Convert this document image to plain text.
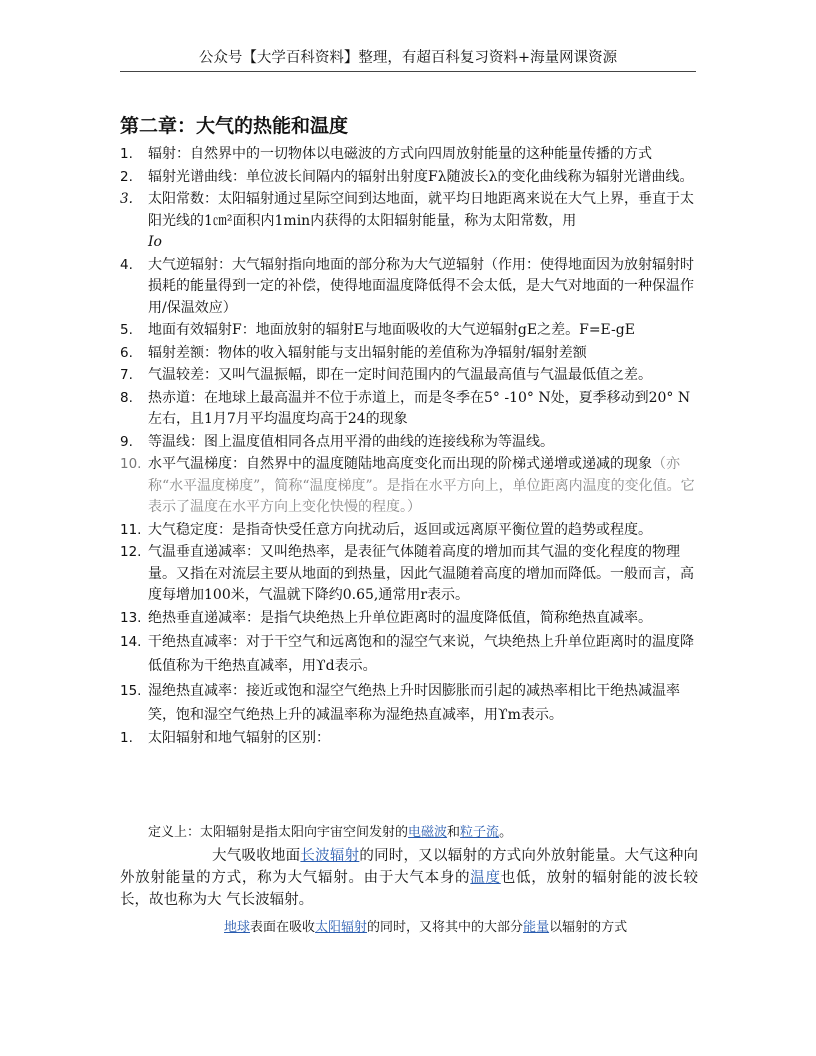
公众号【大学百科资料】整理，有超百科复习资料+海量网课资源
第二章：大气的热能和温度
1. 辐射：自然界中的一切物体以电磁波的方式向四周放射能量的这种能量传播的方式
2. 辐射光谱曲线：单位波长间隔内的辐射出射度Fλ随波长λ的变化曲线称为辐射光谱曲线。
3. 太阳常数：太阳辐射通过星际空间到达地面，就平均日地距离来说在大气上界，垂直于太阳光线的1㎝²面积内1min内获得的太阳辐射能量，称为太阳常数，用
Io
4. 大气逆辐射：大气辐射指向地面的部分称为大气逆辐射（作用：使得地面因为放射辐射时损耗的能量得到一定的补偿，使得地面温度降低得不会太低，是大气对地面的一种保温作用/保温效应）
5. 地面有效辐射F：地面放射的辐射E与地面吸收的大气逆辐射gE之差。F=E-gE
6. 辐射差额：物体的收入辐射能与支出辐射能的差值称为净辐射/辐射差额
7. 气温较差：又叫气温振幅，即在一定时间范围内的气温最高值与气温最低值之差。
8. 热赤道：在地球上最高温并不位于赤道上，而是冬季在5° -10° N处，夏季移动到20° N左右，且1月7月平均温度均高于24的现象
9. 等温线：图上温度值相同各点用平滑的曲线的连接线称为等温线。
10. 水平气温梯度：自然界中的温度随陆地高度变化而出现的阶梯式递增或递减的现象（亦称“水平温度梯度”，简称“温度梯度”。是指在水平方向上，单位距离内温度的变化值。它表示了温度在水平方向上变化快慢的程度。）
11. 大气稳定度：是指奇快受任意方向扰动后，返回或远离原平衡位置的趋势或程度。
12. 气温垂直递减率：又叫绝热率，是表征气体随着高度的增加而其气温的变化程度的物理量。又指在对流层主要从地面的到热量，因此气温随着高度的增加而降低。一般而言，高度每增加100米，气温就下降约0.65,通常用r表示。
13. 绝热垂直递减率：是指气块绝热上升单位距离时的温度降低值，简称绝热直减率。
14. 干绝热直减率：对于干空气和远离饱和的湿空气来说，气块绝热上升单位距离时的温度降低值称为干绝热直减率，用ϒd表示。
15. 湿绝热直减率：接近或饱和湿空气绝热上升时因膨胀而引起的减热率相比干绝热减温率笑，饱和湿空气绝热上升的减温率称为湿绝热直减率，用ϒm表示。
1. 太阳辐射和地气辐射的区别：
定义上：太阳辐射是指太阳向宇宙空间发射的电磁波和粒子流。
大气吸收地面长波辐射的同时，又以辐射的方式向外放射能量。大气这种向外放射能量的方式，称为大气辐射。由于大气本身的温度也低，放射的辐射能的波长较长，故也称为大 气长波辐射。
地球表面在吸收太阳辐射的同时，又将其中的大部分能量以辐射的方式
